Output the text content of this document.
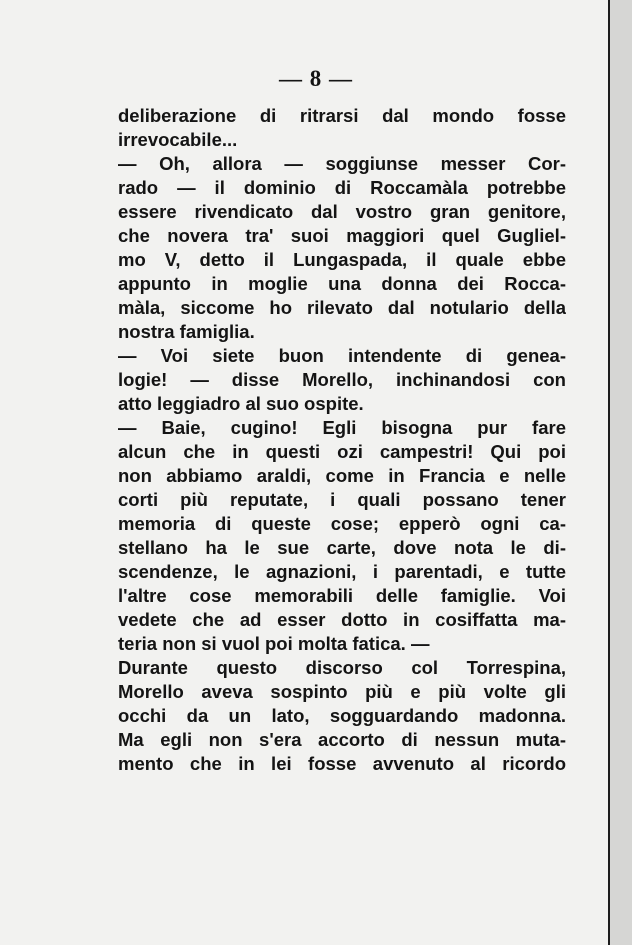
— 8 —
deliberazione di ritrarsi dal mondo fosse
irrevocabile...
— Oh, allora — soggiunse messer Cor-
rado — il dominio di Roccamàla potrebbe
essere rivendicato dal vostro gran genitore,
che novera tra' suoi maggiori quel Gugliel-
mo V, detto il Lungaspada, il quale ebbe
appunto in moglie una donna dei Rocca-
màla, siccome ho rilevato dal notulario della
nostra famiglia.
— Voi siete buon intendente di genea-
logie! — disse Morello, inchinandosi con
atto leggiadro al suo ospite.
— Baie, cugino! Egli bisogna pur fare
alcun che in questi ozi campestri! Qui poi
non abbiamo araldi, come in Francia e nelle
corti più reputate, i quali possano tener
memoria di queste cose; epperò ogni ca-
stellano ha le sue carte, dove nota le di-
scendenze, le agnazioni, i parentadi, e tutte
l'altre cose memorabili delle famiglie. Voi
vedete che ad esser dotto in cosiffatta ma-
teria non si vuol poi molta fatica. —
Durante questo discorso col Torrespina,
Morello aveva sospinto più e più volte gli
occhi da un lato, sogguardando madonna.
Ma egli non s'era accorto di nessun muta-
mento che in lei fosse avvenuto al ricordo
